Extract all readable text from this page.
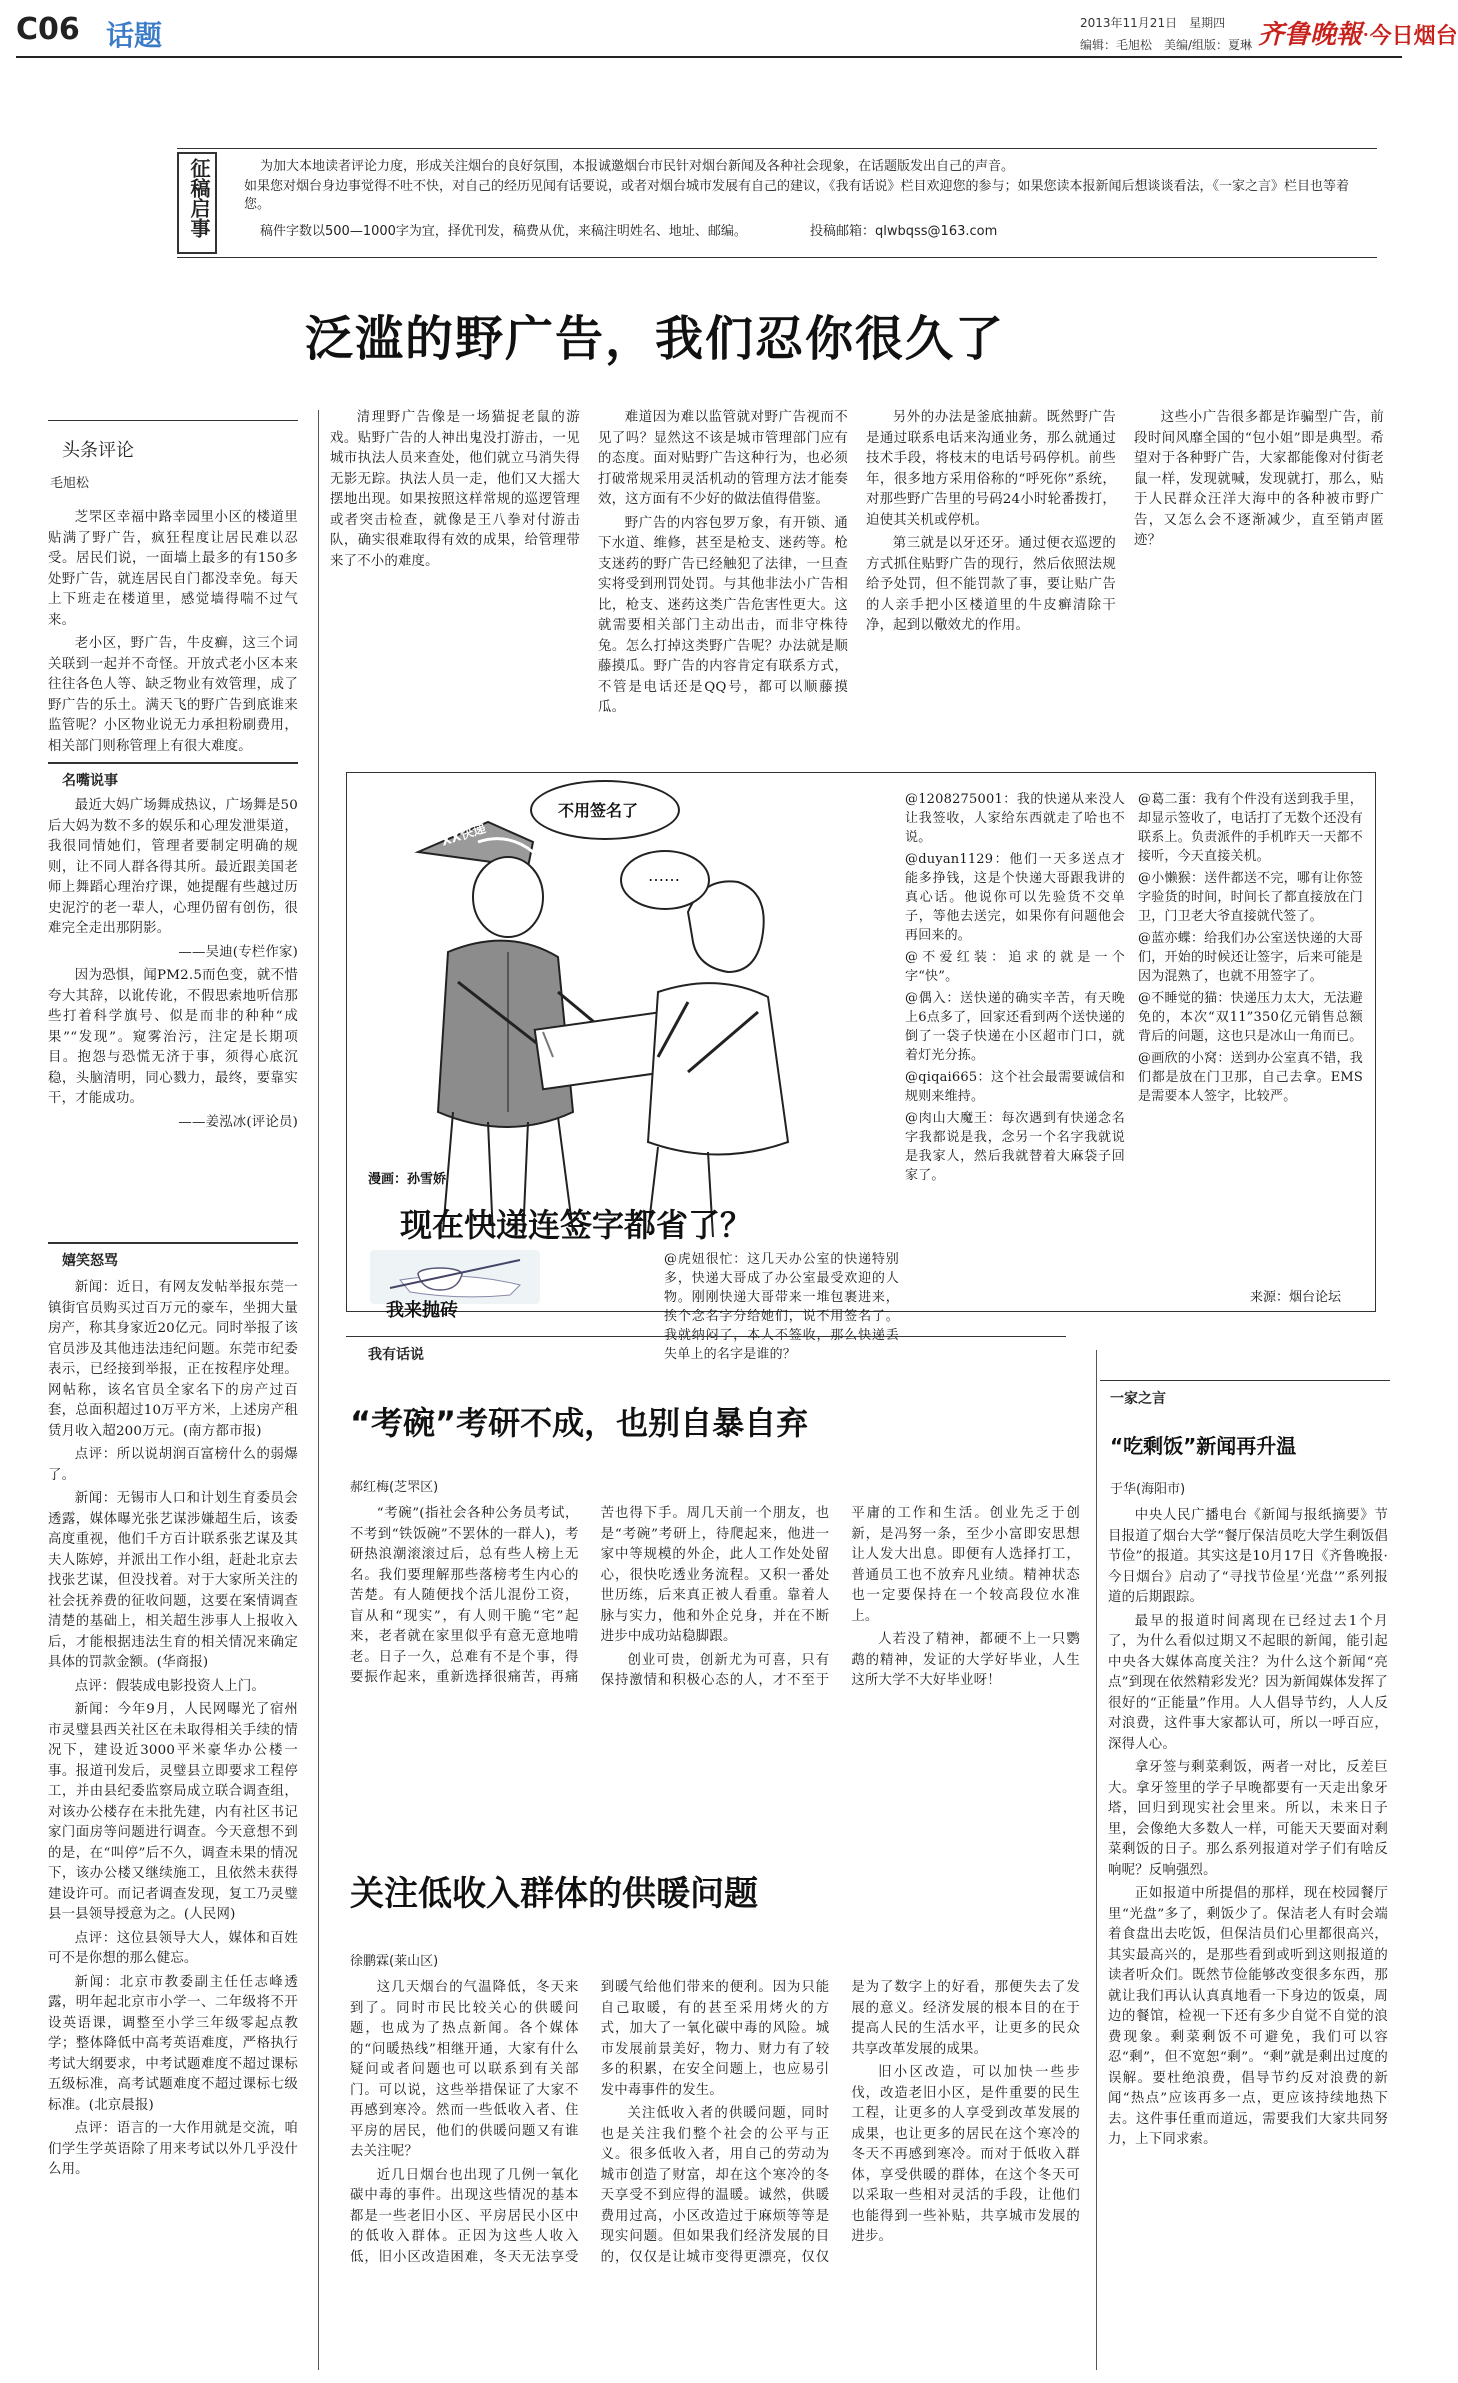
C06 话题	2013年11月21日　星期四
编辑：毛旭松　美编/组版：夏琳 齐鲁晚報·今日烟台
征稿启事	为加大本地读者评论力度，形成关注烟台的良好氛围，本报诚邀烟台市民针对烟台新闻及各种社会现象，在话题版发出自己的声音。
如果您对烟台身边事觉得不吐不快，对自己的经历见闻有话要说，或者对烟台城市发展有自己的建议，《我有话说》栏目欢迎您的参与；如果您读本报新闻后想谈谈看法，《一家之言》栏目也等着您。
稿件字数以500—1000字为宜，择优刊发，稿费从优，来稿注明姓名、地址、邮编。	投稿邮箱：qlwbqss@163.com
泛滥的野广告，我们忍你很久了
头条评论
毛旭松

芝罘区幸福中路幸园里小区的楼道里贴满了野广告，疯狂程度让居民难以忍受。居民们说，一面墙上最多的有150多处野广告，就连居民自门都没幸免。每天上下班走在楼道里，感觉墙得喘不过气来。

老小区，野广告，牛皮癣，这三个词关联到一起并不奇怪。开放式老小区本来往往各色人等、缺乏物业有效管理，成了野广告的乐土。满天飞的野广告到底谁来监管呢？小区物业说无力承担粉刷费用，相关部门则称管理上有很大难度。

名嘴说事

最近大妈广场舞成热议，广场舞是50后大妈为数不多的娱乐和心理发泄渠道，我很同情她们，管理者要制定明确的规则，让不同人群各得其所。最近跟美国老师上舞蹈心理治疗课，她提醒有些越过历史泥泞的老一辈人，心理仍留有创伤，很难完全走出那阴影。

——吴迪(专栏作家)

因为恐惧，闻PM2.5而色变，就不惜夸大其辞，以讹传讹，不假思索地听信那些打着科学旗号、似是而非的种种“成果”“发现”。窥雾治污，注定是长期项目。抱怨与恐慌无济于事，须得心底沉稳，头脑清明，同心戮力，最终，要靠实干，才能成功。

——姜泓冰(评论员)

嬉笑怒骂

新闻：近日，有网友发帖举报东莞一镇街官员购买过百万元的豪车，坐拥大量房产，称其身家近20亿元。同时举报了该官员涉及其他违法违纪问题。东莞市纪委表示，已经接到举报，正在按程序处理。网帖称，该名官员全家名下的房产过百套，总面积超过10万平方米，上述房产租赁月收入超200万元。(南方都市报)

点评：所以说胡润百富榜什么的弱爆了。

新闻：无锡市人口和计划生育委员会透露，媒体曝光张艺谋涉嫌超生后，该委高度重视，他们千方百计联系张艺谋及其夫人陈婷，并派出工作小组，赶赴北京去找张艺谋，但没找着。对于大家所关注的社会抚养费的征收问题，这要在案情调查清楚的基础上，相关超生涉事人上报收入后，才能根据违法生育的相关情况来确定具体的罚款金额。(华商报)

点评：假装成电影投资人上门。

新闻：今年9月，人民网曝光了宿州市灵璧县西关社区在未取得相关手续的情况下，建设近3000平米豪华办公楼一事。报道刊发后，灵璧县立即要求工程停工，并由县纪委监察局成立联合调查组，对该办公楼存在未批先建，内有社区书记家门面房等问题进行调查。今天意想不到的是，在“叫停”后不久，调查未果的情况下，该办公楼又继续施工，且依然未获得建设许可。而记者调查发现，复工乃灵璧县一县领导授意为之。(人民网)

点评：这位县领导大人，媒体和百姓可不是你想的那么健忘。

新闻：北京市教委副主任任志峰透露，明年起北京市小学一、二年级将不开设英语课，调整至小学三年级零起点教学；整体降低中高考英语难度，严格执行考试大纲要求，中考试题难度不超过课标五级标准，高考试题难度不超过课标七级标准。(北京晨报)

点评：语言的一大作用就是交流，咱们学生学英语除了用来考试以外几乎没什么用。

清理野广告像是一场猫捉老鼠的游戏。贴野广告的人神出鬼没打游击，一见城市执法人员来查处，他们就立马消失得无影无踪。执法人员一走，他们又大摇大摆地出现。如果按照这样常规的巡逻管理或者突击检查，就像是王八拳对付游击队，确实很难取得有效的成果，给管理带来了不小的难度。

难道因为难以监管就对野广告视而不见了吗？显然这不该是城市管理部门应有的态度。面对贴野广告这种行为，也必须打破常规采用灵活机动的管理方法才能奏效，这方面有不少好的做法值得借鉴。

野广告的内容包罗万象，有开锁、通下水道、维修，甚至是枪支、迷药等。枪支迷药的野广告已经触犯了法律，一旦查实将受到刑罚处罚。与其他非法小广告相比，枪支、迷药这类广告危害性更大。这就需要相关部门主动出击，而非守株待兔。怎么打掉这类野广告呢？办法就是顺藤摸瓜。野广告的内容肯定有联系方式，不管是电话还是QQ号，都可以顺藤摸瓜。

另外的办法是釜底抽薪。既然野广告是通过联系电话来沟通业务，那么就通过技术手段，将枝末的电话号码停机。前些年，很多地方采用俗称的“呼死你”系统，对那些野广告里的号码24小时轮番拨打，迫使其关机或停机。

第三就是以牙还牙。通过便衣巡逻的方式抓住贴野广告的现行，然后依照法规给予处罚，但不能罚款了事，要让贴广告的人亲手把小区楼道里的牛皮癣清除干净，起到以儆效尤的作用。

这些小广告很多都是诈骗型广告，前段时间风靡全国的“包小姐”即是典型。希望对于各种野广告，大家都能像对付街老鼠一样，发现就喊，发现就打，那么，贴于人民群众汪洋大海中的各种被市野广告，又怎么会不逐渐减少，直至销声匿迹？

XX快递
不用签名了
……
漫画：孙雪娇
现在快递连签字都省了？
我来抛砖

@虎妞很忙：这几天办公室的快递特别多，快递大哥成了办公室最受欢迎的人物。刚刚快递大哥带来一堆包裹进来，挨个念名字分给她们，说不用签名了。我就纳闷了，本人不签收，那么快递丢失单上的名字是谁的？

@1208275001：我的快递从来没人让我签收，人家给东西就走了哈也不说。

@duyan1129：他们一天多送点才能多挣钱，这是个快递大哥跟我讲的真心话。他说你可以先验货不交单子，等他去送完，如果你有问题他会再回来的。

@不爱红装：追求的就是一个字“快”。

@偶入：送快递的确实辛苦，有天晚上6点多了，回家还看到两个送快递的倒了一袋子快递在小区超市门口，就着灯光分拣。

@qiqai665：这个社会最需要诚信和规则来维持。

@肉山大魔王：每次遇到有快递念名字我都说是我，念另一个名字我就说是我家人，然后我就替着大麻袋子回家了。

@葛二蛋：我有个件没有送到我手里，却显示签收了，电话打了无数个还没有联系上。负责派件的手机昨天一天都不接听，今天直接关机。

@小懒猴：送件都送不完，哪有让你签字验货的时间，时间长了都直接放在门卫，门卫老大爷直接就代签了。

@蓝亦蝶：给我们办公室送快递的大哥们，开始的时候还让签字，后来可能是因为混熟了，也就不用签字了。

@不睡觉的猫：快递压力太大，无法避免的，本次“双11”350亿元销售总额背后的问题，这也只是冰山一角而已。

@画欣的小窝：送到办公室真不错，我们都是放在门卫那，自己去拿。EMS是需要本人签字，比较严。

来源：烟台论坛
我有话说
“考碗”考研不成，也别自暴自弃
郝红梅(芝罘区)

“考碗”(指社会各种公务员考试，不考到“铁饭碗”不罢休的一群人)，考研热浪潮滚滚过后，总有些人榜上无名。我们要理解那些落榜考生内心的苦楚。有人随便找个活儿混份工资，盲从和“现实”，有人则干脆“宅”起来，老者就在家里似乎有意无意地啃老。日子一久，总难有不是个事，得要振作起来，重新选择很痛苦，再痛苦也得下手。周几天前一个朋友，也是“考碗”考研上，待爬起来，他进一家中等规模的外企，此人工作处处留心，很快吃透业务流程。又积一番处世历练，后来真正被人看重。靠着人脉与实力，他和外企兑身，并在不断进步中成功站稳脚跟。

创业可贵，创新尤为可喜，只有保持激情和积极心态的人，才不至于平庸的工作和生活。创业先乏于创新，是冯努一条，至少小富即安思想让人发大出息。即便有人选择打工，普通员工也不放弃凡业绩。精神状态也一定要保持在一个较高段位水准上。

人若没了精神，都硬不上一只鹦鹉的精神，发证的大学好毕业，人生这所大学不大好毕业呀！

关注低收入群体的供暖问题
徐鹏霖(莱山区)

这几天烟台的气温降低，冬天来到了。同时市民比较关心的供暖问题，也成为了热点新闻。各个媒体的“问暖热线”相继开通，大家有什么疑问或者问题也可以联系到有关部门。可以说，这些举措保证了大家不再感到寒冷。然而一些低收入者、住平房的居民，他们的供暖问题又有谁去关注呢？

近几日烟台也出现了几例一氧化碳中毒的事件。出现这些情况的基本都是一些老旧小区、平房居民小区中的低收入群体。正因为这些人收入低，旧小区改造困难，冬天无法享受到暖气给他们带来的便利。因为只能自己取暖，有的甚至采用烤火的方式，加大了一氧化碳中毒的风险。城市发展前景美好，物力、财力有了较多的积累，在安全问题上，也应易引发中毒事件的发生。

关注低收入者的供暖问题，同时也是关注我们整个社会的公平与正义。很多低收入者，用自己的劳动为城市创造了财富，却在这个寒冷的冬天享受不到应得的温暖。诚然，供暖费用过高，小区改造过于麻烦等等是现实问题。但如果我们经济发展的目的，仅仅是让城市变得更漂亮，仅仅是为了数字上的好看，那便失去了发展的意义。经济发展的根本目的在于提高人民的生活水平，让更多的民众共享改革发展的成果。

旧小区改造，可以加快一些步伐，改造老旧小区，是件重要的民生工程，让更多的人享受到改革发展的成果，也让更多的居民在这个寒冷的冬天不再感到寒冷。而对于低收入群体，享受供暖的群体，在这个冬天可以采取一些相对灵活的手段，让他们也能得到一些补贴，共享城市发展的进步。

一家之言
“吃剩饭”新闻再升温
于华(海阳市)

中央人民广播电台《新闻与报纸摘要》节目报道了烟台大学“餐厅保洁员吃大学生剩饭倡节俭”的报道。其实这是10月17日《齐鲁晚报·今日烟台》启动了“寻找节俭星‘光盘’”系列报道的后期跟踪。

最早的报道时间离现在已经过去1个月了，为什么看似过期又不起眼的新闻，能引起中央各大媒体高度关注？为什么这个新闻“亮点”到现在依然精彩发光？因为新闻媒体发挥了很好的“正能量”作用。人人倡导节约，人人反对浪费，这件事大家都认可，所以一呼百应，深得人心。

拿牙签与剩菜剩饭，两者一对比，反差巨大。拿牙签里的学子早晚都要有一天走出象牙塔，回归到现实社会里来。所以，未来日子里，会像绝大多数人一样，可能天天要面对剩菜剩饭的日子。那么系列报道对学子们有啥反响呢？反响强烈。

正如报道中所提倡的那样，现在校园餐厅里“光盘”多了，剩饭少了。保洁老人有时会端着食盘出去吃饭，但保洁员们心里都很高兴，其实最高兴的，是那些看到或听到这则报道的读者听众们。既然节俭能够改变很多东西，那就让我们再认认真真地看一下身边的饭桌，周边的餐馆，检视一下还有多少自觉不自觉的浪费现象。剩菜剩饭不可避免，我们可以容忍“剩”，但不宽恕“剩”。“剩”就是剩出过度的误解。要杜绝浪费，倡导节约反对浪费的新闻“热点”应该再多一点，更应该持续地热下去。这件事任重而道远，需要我们大家共同努力，上下同求索。
